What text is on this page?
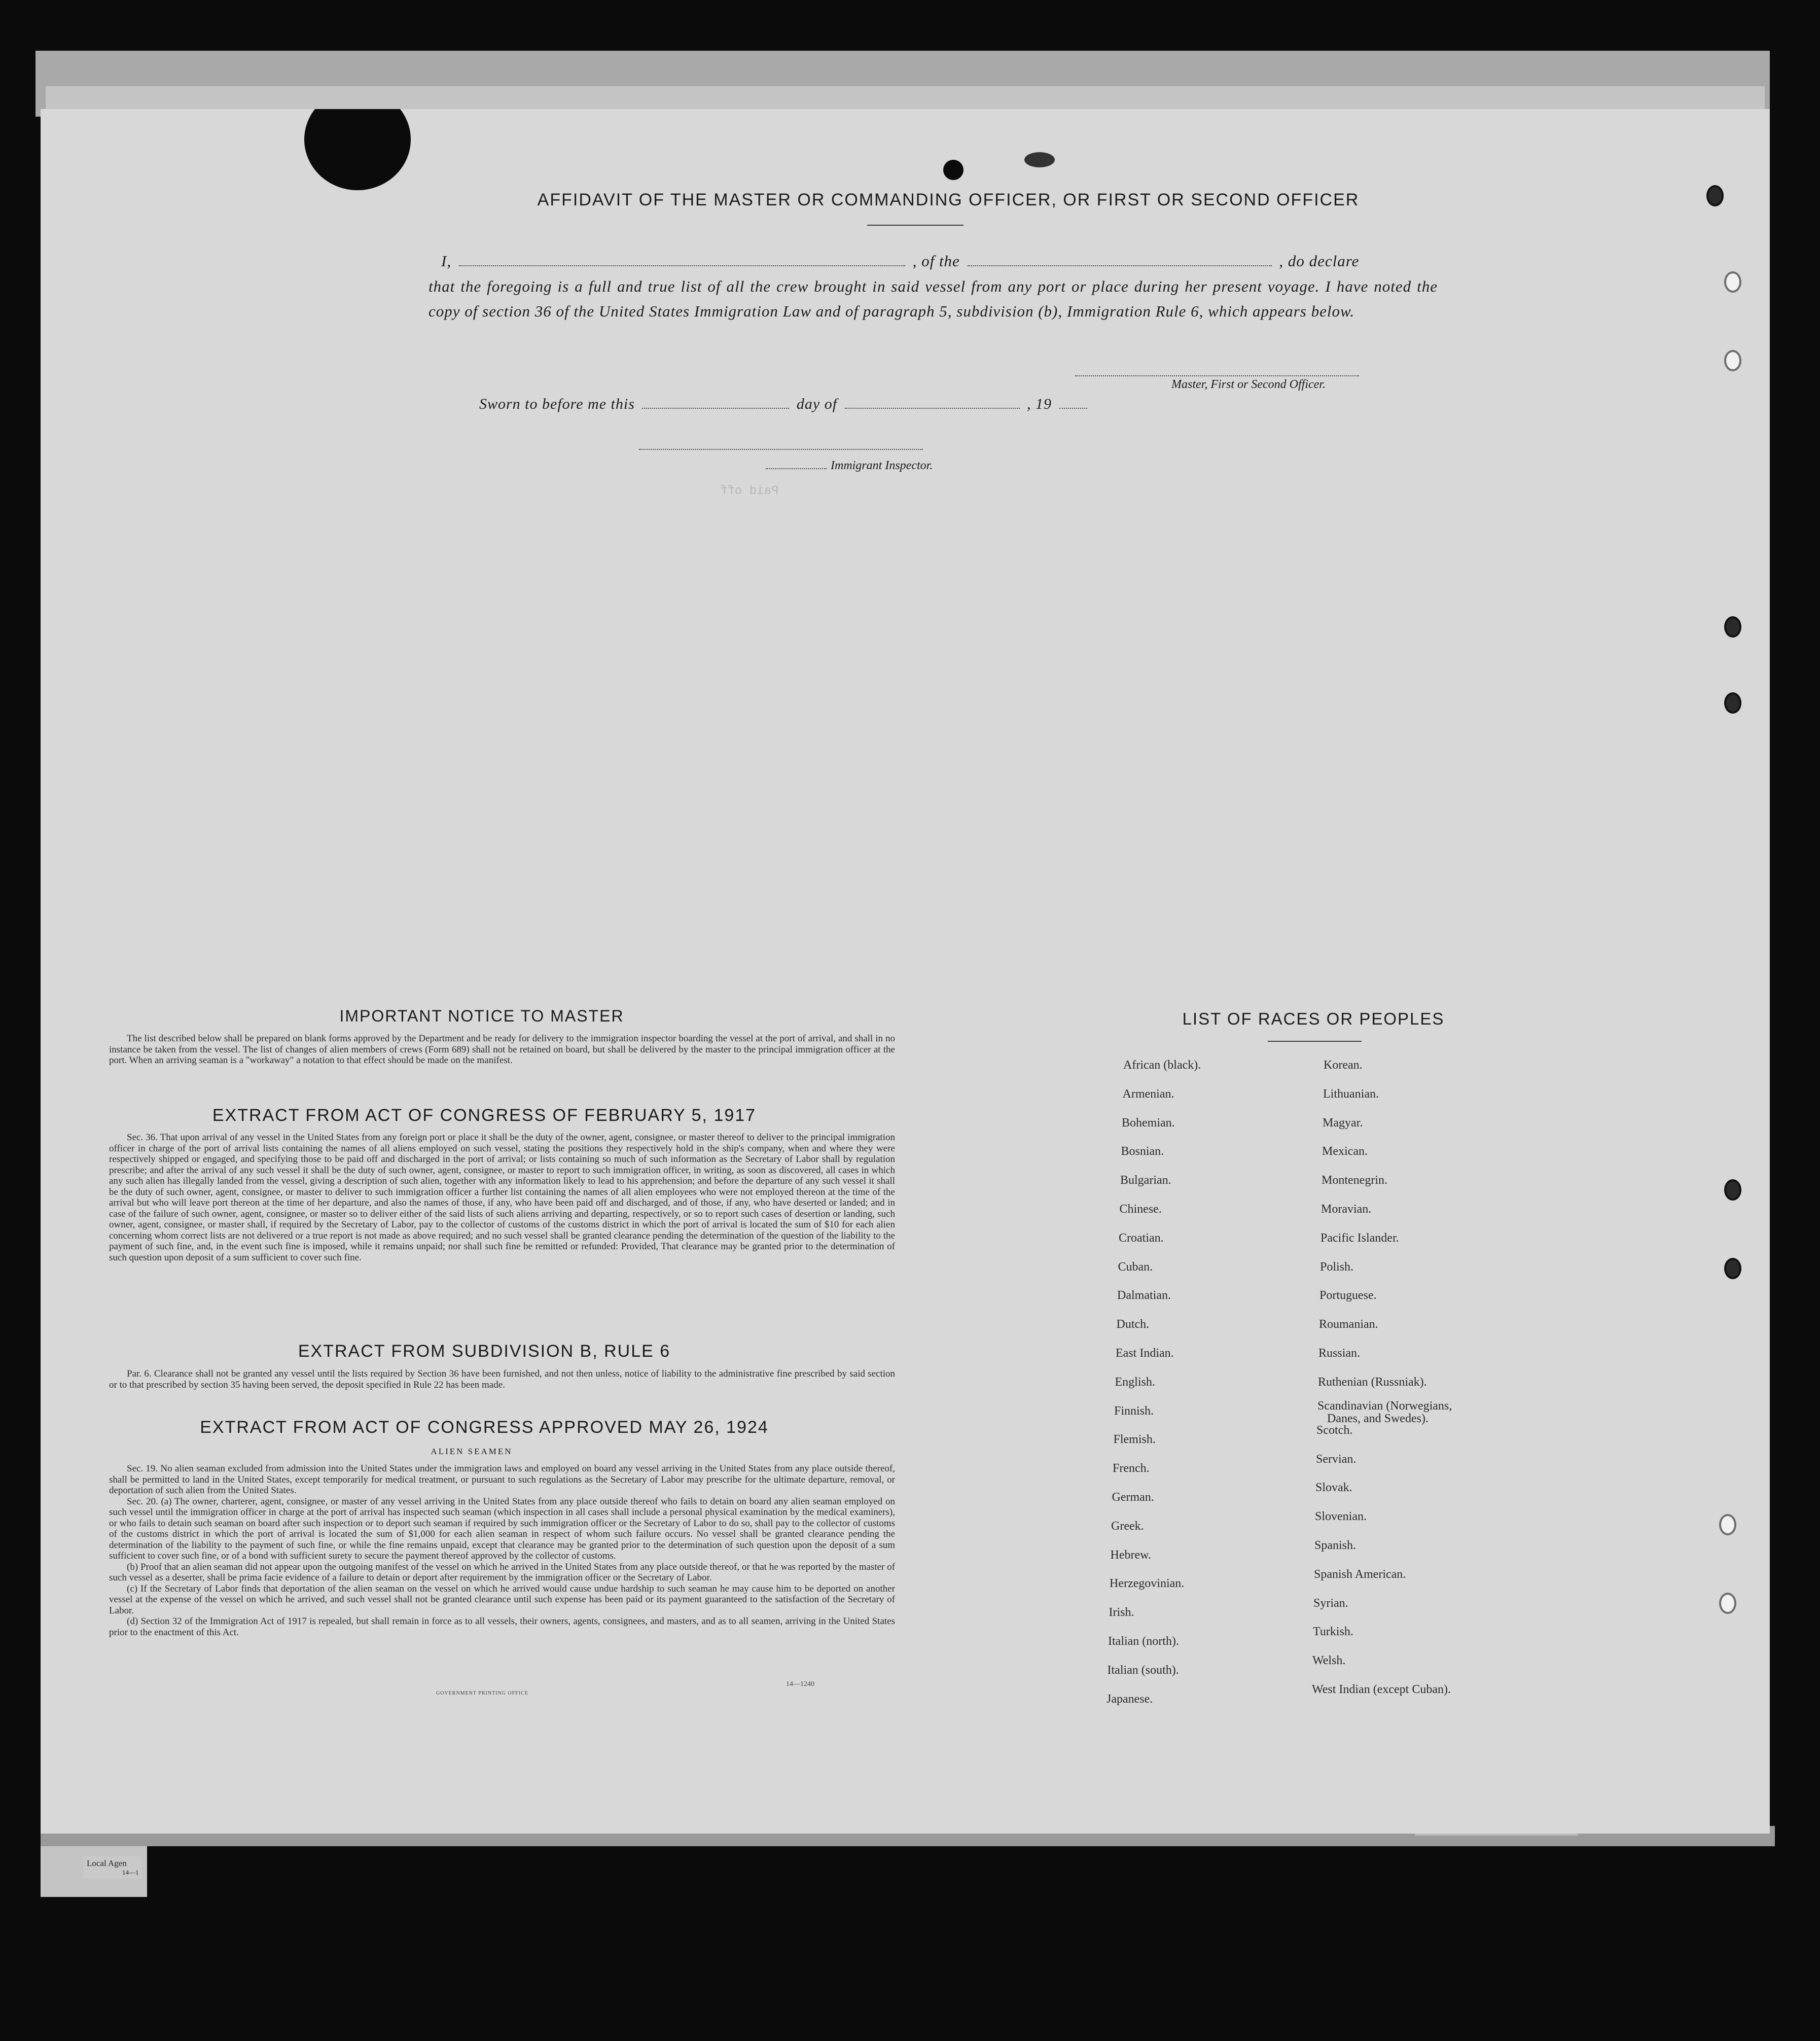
Local Agen
14—1
AFFIDAVIT OF THE MASTER OR COMMANDING OFFICER, OR FIRST OR SECOND OFFICER
I,	, of the	, do declare
that the foregoing is a full and true list of all the crew brought in said vessel from any port or place during her present voyage. I have noted the copy of section 36 of the United States Immigration Law and of paragraph 5, subdivision (b), Immigration Rule 6, which appears below.
Master, First or Second Officer.
Sworn to before me this	day of	, 19
Immigrant Inspector.
Paid off
IMPORTANT NOTICE TO MASTER

The list described below shall be prepared on blank forms approved by the Department and be ready for delivery to the immigration inspector boarding the vessel at the port of arrival, and shall in no instance be taken from the vessel. The list of changes of alien members of crews (Form 689) shall not be retained on board, but shall be delivered by the master to the principal immigration officer at the port. When an arriving seaman is a "workaway" a notation to that effect should be made on the manifest.

EXTRACT FROM ACT OF CONGRESS OF FEBRUARY 5, 1917

Sec. 36. That upon arrival of any vessel in the United States from any foreign port or place it shall be the duty of the owner, agent, consignee, or master thereof to deliver to the principal immigration officer in charge of the port of arrival lists containing the names of all aliens employed on such vessel, stating the positions they respectively hold in the ship's company, when and where they were respectively shipped or engaged, and specifying those to be paid off and discharged in the port of arrival; or lists containing so much of such information as the Secretary of Labor shall by regulation prescribe; and after the arrival of any such vessel it shall be the duty of such owner, agent, consignee, or master to report to such immigration officer, in writing, as soon as discovered, all cases in which any such alien has illegally landed from the vessel, giving a description of such alien, together with any information likely to lead to his apprehension; and before the departure of any such vessel it shall be the duty of such owner, agent, consignee, or master to deliver to such immigration officer a further list containing the names of all alien employees who were not employed thereon at the time of the arrival but who will leave port thereon at the time of her departure, and also the names of those, if any, who have been paid off and discharged, and of those, if any, who have deserted or landed; and in case of the failure of such owner, agent, consignee, or master so to deliver either of the said lists of such aliens arriving and departing, respectively, or so to report such cases of desertion or landing, such owner, agent, consignee, or master shall, if required by the Secretary of Labor, pay to the collector of customs of the customs district in which the port of arrival is located the sum of $10 for each alien concerning whom correct lists are not delivered or a true report is not made as above required; and no such vessel shall be granted clearance pending the determination of the question of the liability to the payment of such fine, and, in the event such fine is imposed, while it remains unpaid; nor shall such fine be remitted or refunded: Provided, That clearance may be granted prior to the determination of such question upon deposit of a sum sufficient to cover such fine.

EXTRACT FROM SUBDIVISION B, RULE 6

Par. 6. Clearance shall not be granted any vessel until the lists required by Section 36 have been furnished, and not then unless, notice of liability to the administrative fine prescribed by said section or to that prescribed by section 35 having been served, the deposit specified in Rule 22 has been made.

EXTRACT FROM ACT OF CONGRESS APPROVED MAY 26, 1924
ALIEN SEAMEN

Sec. 19. No alien seaman excluded from admission into the United States under the immigration laws and employed on board any vessel arriving in the United States from any place outside thereof, shall be permitted to land in the United States, except temporarily for medical treatment, or pursuant to such regulations as the Secretary of Labor may prescribe for the ultimate departure, removal, or deportation of such alien from the United States.

Sec. 20. (a) The owner, charterer, agent, consignee, or master of any vessel arriving in the United States from any place outside thereof who fails to detain on board any alien seaman employed on such vessel until the immigration officer in charge at the port of arrival has inspected such seaman (which inspection in all cases shall include a personal physical examination by the medical examiners), or who fails to detain such seaman on board after such inspection or to deport such seaman if required by such immigration officer or the Secretary of Labor to do so, shall pay to the collector of customs of the customs district in which the port of arrival is located the sum of $1,000 for each alien seaman in respect of whom such failure occurs. No vessel shall be granted clearance pending the determination of the liability to the payment of such fine, or while the fine remains unpaid, except that clearance may be granted prior to the determination of such question upon the deposit of a sum sufficient to cover such fine, or of a bond with sufficient surety to secure the payment thereof approved by the collector of customs.

(b) Proof that an alien seaman did not appear upon the outgoing manifest of the vessel on which he arrived in the United States from any place outside thereof, or that he was reported by the master of such vessel as a deserter, shall be prima facie evidence of a failure to detain or deport after requirement by the immigration officer or the Secretary of Labor.

(c) If the Secretary of Labor finds that deportation of the alien seaman on the vessel on which he arrived would cause undue hardship to such seaman he may cause him to be deported on another vessel at the expense of the vessel on which he arrived, and such vessel shall not be granted clearance until such expense has been paid or its payment guaranteed to the satisfaction of the Secretary of Labor.

(d) Section 32 of the Immigration Act of 1917 is repealed, but shall remain in force as to all vessels, their owners, agents, consignees, and masters, and as to all seamen, arriving in the United States prior to the enactment of this Act.

14—1240
GOVERNMENT PRINTING OFFICE
LIST OF RACES OR PEOPLES
African (black).
Armenian.
Bohemian.
Bosnian.
Bulgarian.
Chinese.
Croatian.
Cuban.
Dalmatian.
Dutch.
East Indian.
English.
Finnish.
Flemish.
French.
German.
Greek.
Hebrew.
Herzegovinian.
Irish.
Italian (north).
Italian (south).
Japanese.
Korean.
Lithuanian.
Magyar.
Mexican.
Montenegrin.
Moravian.
Pacific Islander.
Polish.
Portuguese.
Roumanian.
Russian.
Ruthenian (Russniak).
Scandinavian (Norwegians,
Danes, and Swedes).
Scotch.
Servian.
Slovak.
Slovenian.
Spanish.
Spanish American.
Syrian.
Turkish.
Welsh.
West Indian (except Cuban).
